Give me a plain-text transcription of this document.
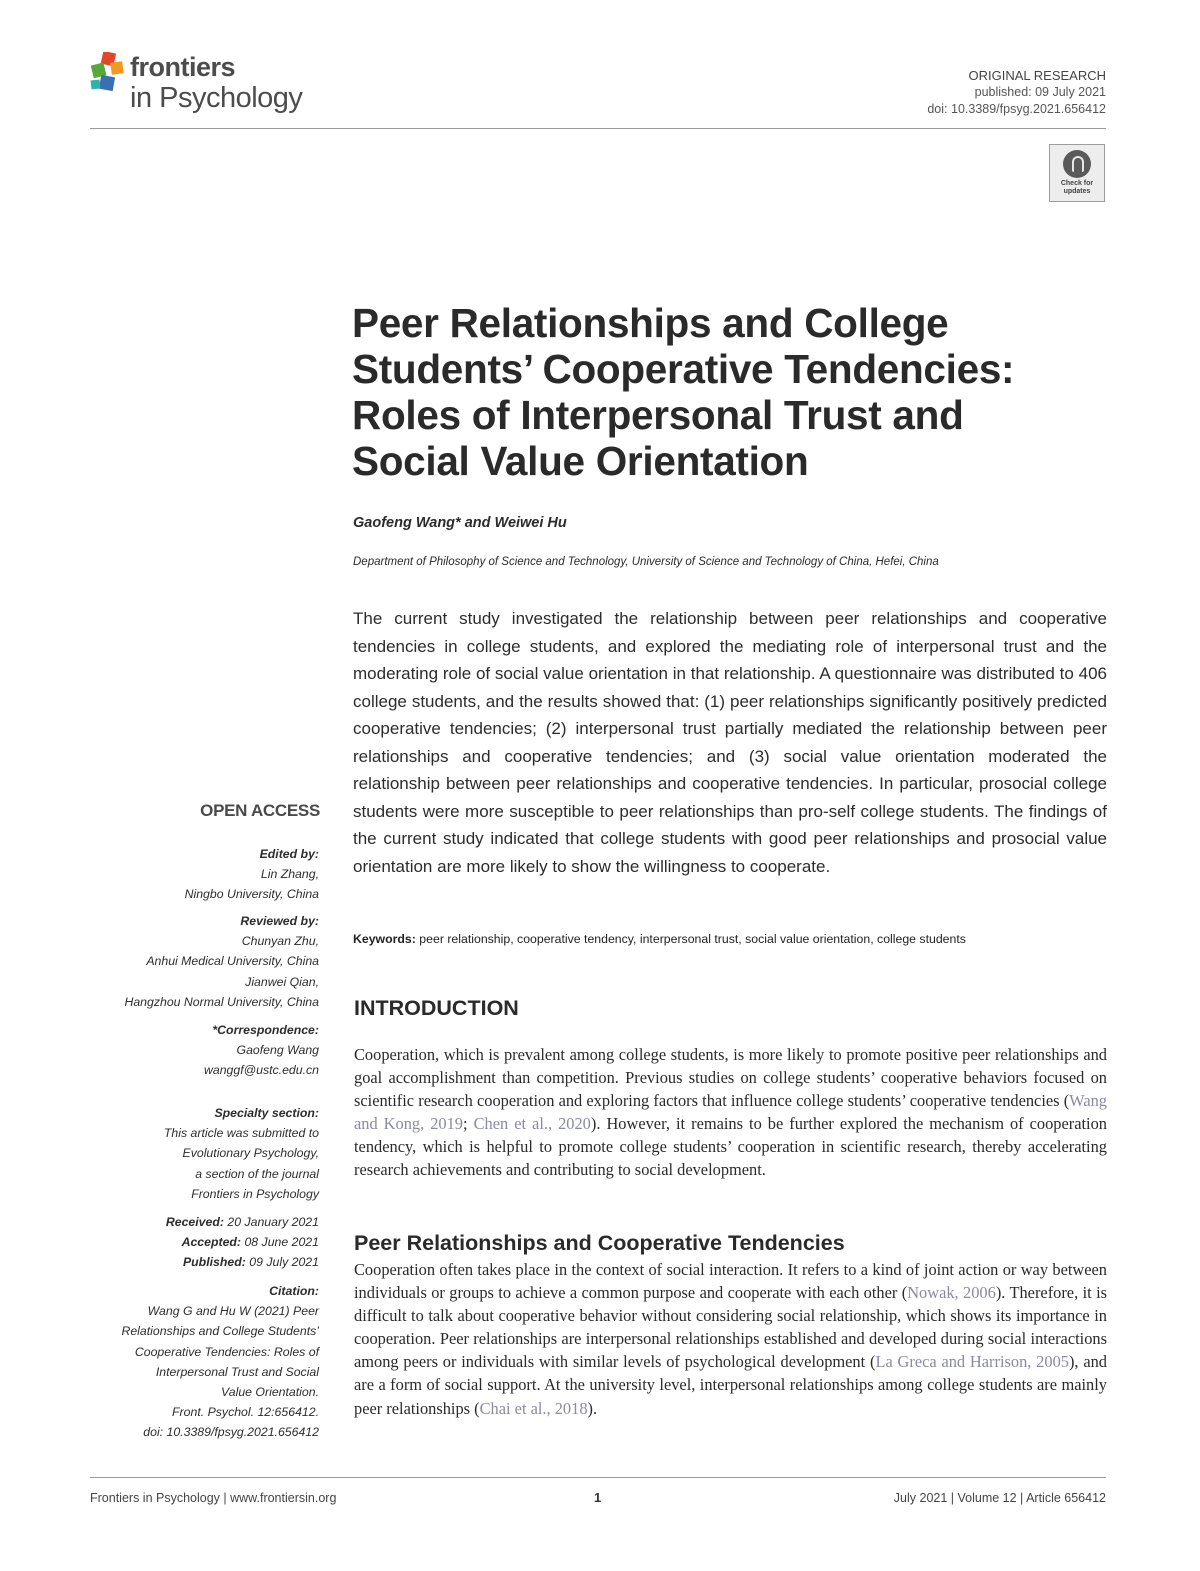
frontiers
in Psychology
ORIGINAL RESEARCH
published: 09 July 2021
doi: 10.3389/fpsyg.2021.656412
Check for
updates
Peer Relationships and College
Students’ Cooperative Tendencies:
Roles of Interpersonal Trust and
Social Value Orientation
Gaofeng Wang* and Weiwei Hu
Department of Philosophy of Science and Technology, University of Science and Technology of China, Hefei, China
The current study investigated the relationship between peer relationships and cooperative tendencies in college students, and explored the mediating role of interpersonal trust and the moderating role of social value orientation in that relationship. A questionnaire was distributed to 406 college students, and the results showed that: (1) peer relationships significantly positively predicted cooperative tendencies; (2) interpersonal trust partially mediated the relationship between peer relationships and cooperative tendencies; and (3) social value orientation moderated the relationship between peer relationships and cooperative tendencies. In particular, prosocial college students were more susceptible to peer relationships than pro-self college students. The findings of the current study indicated that college students with good peer relationships and prosocial value orientation are more likely to show the willingness to cooperate.
Keywords: peer relationship, cooperative tendency, interpersonal trust, social value orientation, college students
INTRODUCTION
Cooperation, which is prevalent among college students, is more likely to promote positive peer relationships and goal accomplishment than competition. Previous studies on college students’ cooperative behaviors focused on scientific research cooperation and exploring factors that influence college students’ cooperative tendencies (Wang and Kong, 2019; Chen et al., 2020). However, it remains to be further explored the mechanism of cooperation tendency, which is helpful to promote college students’ cooperation in scientific research, thereby accelerating research achievements and contributing to social development.
Peer Relationships and Cooperative Tendencies
Cooperation often takes place in the context of social interaction. It refers to a kind of joint action or way between individuals or groups to achieve a common purpose and cooperate with each other (Nowak, 2006). Therefore, it is difficult to talk about cooperative behavior without considering social relationship, which shows its importance in cooperation. Peer relationships are interpersonal relationships established and developed during social interactions among peers or individuals with similar levels of psychological development (La Greca and Harrison, 2005), and are a form of social support. At the university level, interpersonal relationships among college students are mainly peer relationships (Chai et al., 2018).
OPEN ACCESS
Edited by:
Lin Zhang,
Ningbo University, China
Reviewed by:
Chunyan Zhu,
Anhui Medical University, China
Jianwei Qian,
Hangzhou Normal University, China
*Correspondence:
Gaofeng Wang
wanggf@ustc.edu.cn
Specialty section:
This article was submitted to
Evolutionary Psychology,
a section of the journal
Frontiers in Psychology
Received: 20 January 2021
Accepted: 08 June 2021
Published: 09 July 2021
Citation:
Wang G and Hu W (2021) Peer
Relationships and College Students’
Cooperative Tendencies: Roles of
Interpersonal Trust and Social
Value Orientation.
Front. Psychol. 12:656412.
doi: 10.3389/fpsyg.2021.656412
Frontiers in Psychology | www.frontiersin.org	1	July 2021 | Volume 12 | Article 656412
